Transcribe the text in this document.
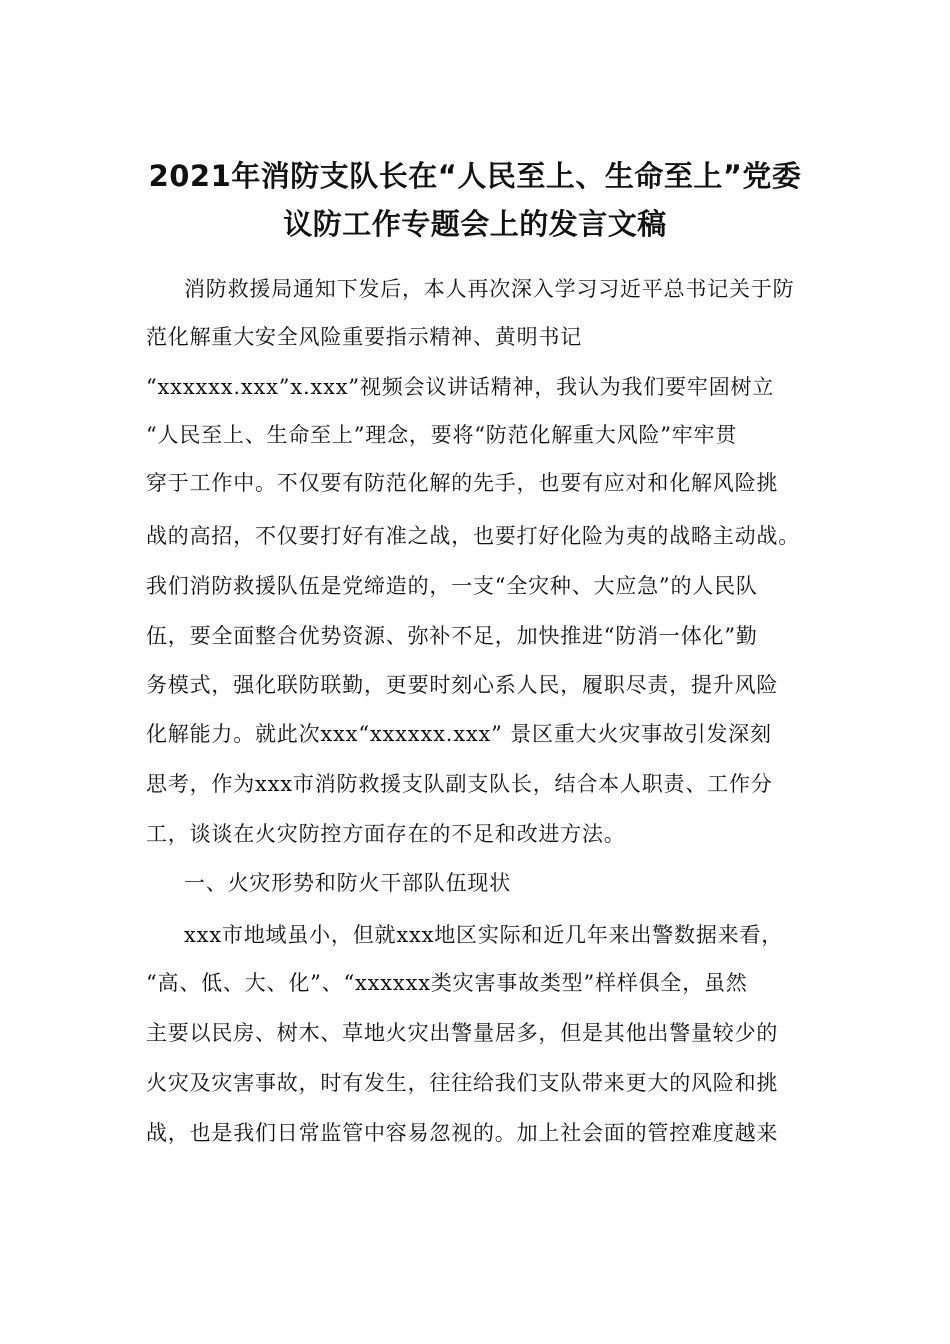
2021年消防支队长在“人民至上、生命至上”党委
议防工作专题会上的发言文稿
消防救援局通知下发后，本人再次深入学习习近平总书记关于防
范化解重大安全风险重要指示精神、黄明书记
“xxxxxx.xxx”x.xxx”视频会议讲话精神，我认为我们要牢固树立
“人民至上、生命至上”理念，要将“防范化解重大风险”牢牢贯
穿于工作中。不仅要有防范化解的先手，也要有应对和化解风险挑
战的高招，不仅要打好有准之战，也要打好化险为夷的战略主动战。
我们消防救援队伍是党缔造的，一支“全灾种、大应急”的人民队
伍，要全面整合优势资源、弥补不足，加快推进“防消一体化”勤
务模式，强化联防联勤，更要时刻心系人民，履职尽责，提升风险
化解能力。就此次xxx“xxxxxx.xxx” 景区重大火灾事故引发深刻
思考，作为xxx市消防救援支队副支队长，结合本人职责、工作分
工，谈谈在火灾防控方面存在的不足和改进方法。
一、火灾形势和防火干部队伍现状
xxx市地域虽小，但就xxx地区实际和近几年来出警数据来看，
“高、低、大、化”、“xxxxxx类灾害事故类型”样样俱全，虽然
主要以民房、树木、草地火灾出警量居多，但是其他出警量较少的
火灾及灾害事故，时有发生，往往给我们支队带来更大的风险和挑
战，也是我们日常监管中容易忽视的。加上社会面的管控难度越来
